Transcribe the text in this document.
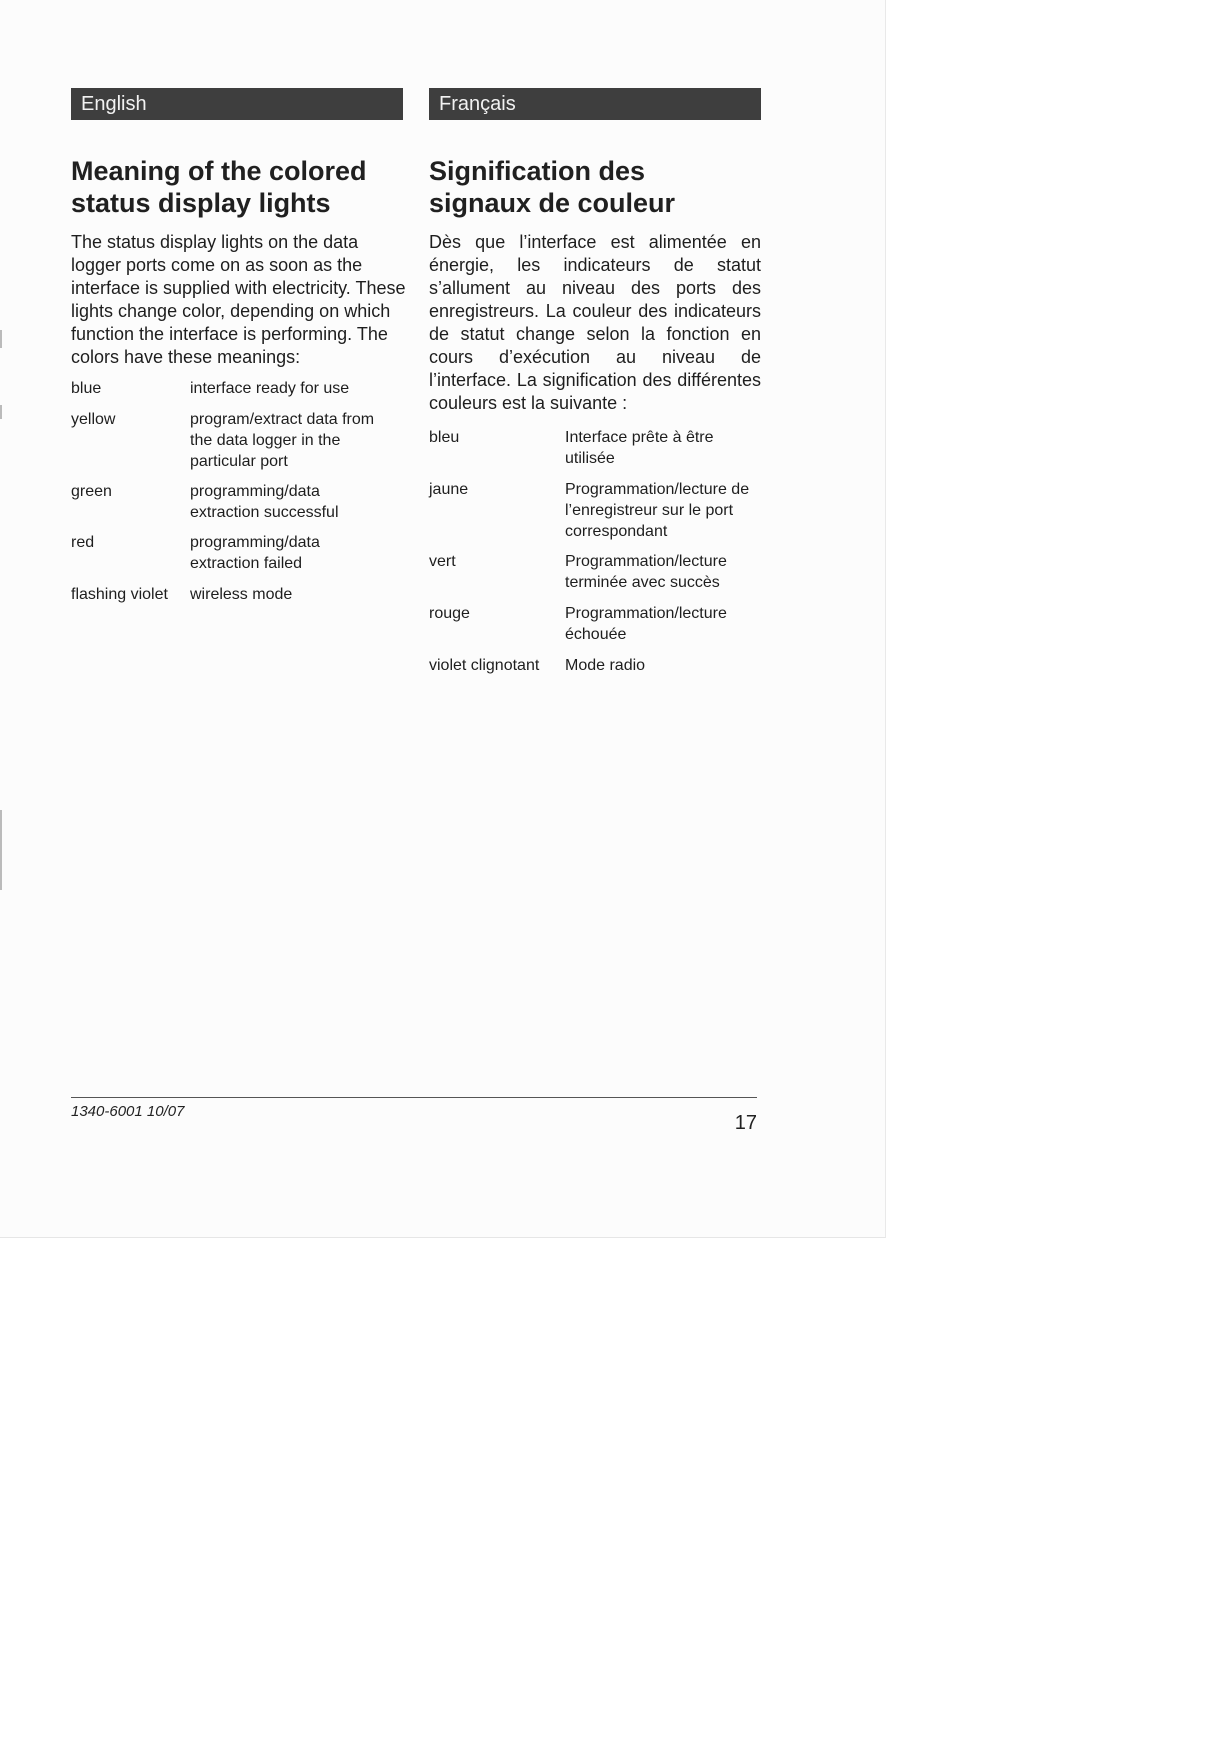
English
Meaning of the colored status display lights

The status display lights on the data logger ports come on as soon as the interface is supplied with electricity. These lights change color, depending on which function the interface is performing. The colors have these meanings:

blue	interface ready for use
yellow	program/extract data from the data logger in the particular port
green	programming/data extraction successful
red	programming/data extraction failed
flashing violet	wireless mode
Français
Signification des signaux de couleur

Dès que l’interface est alimentée en énergie, les indicateurs de statut s’allument au niveau des ports des enregistreurs. La couleur des indicateurs de statut change selon la fonction en cours d’exécution au niveau de l’interface. La signification des différentes couleurs est la suivante :

bleu	Interface prête à être utilisée
jaune	Programmation/lecture de l’enregistreur sur le port correspondant
vert	Programmation/lecture terminée avec succès
rouge	Programmation/lecture échouée
violet clignotant	Mode radio
1340-6001 10/07
17
